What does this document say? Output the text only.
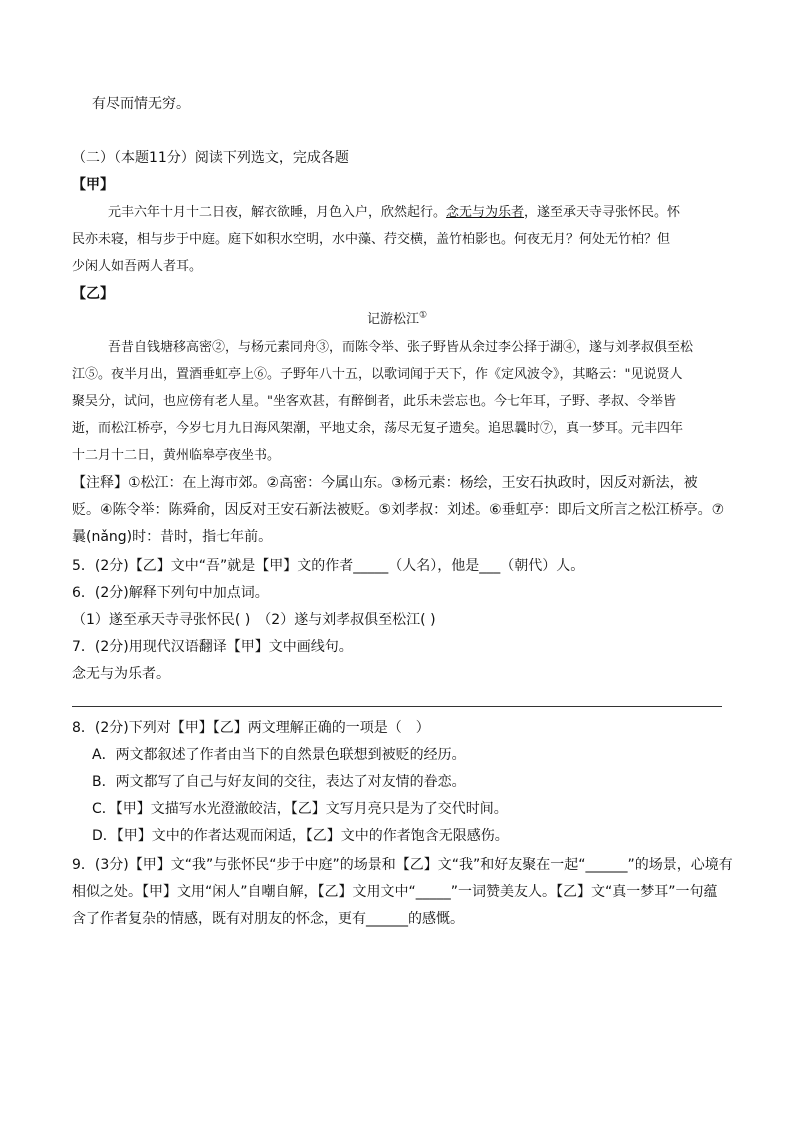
有尽而情无穷。
（二）（本题11分）阅读下列选文，完成各题
【甲】
元丰六年十月十二日夜，解衣欲睡，月色入户，欣然起行。念无与为乐者，遂至承天寺寻张怀民。怀
民亦未寝，相与步于中庭。庭下如积水空明，水中藻、荇交横，盖竹柏影也。何夜无月？何处无竹柏？但
少闲人如吾两人者耳。
【乙】
记游松江①
吾昔自钱塘移高密②，与杨元素同舟③，而陈令举、张子野皆从余过李公择于湖④，遂与刘孝叔俱至松
江⑤。夜半月出，置酒垂虹亭上⑥。子野年八十五，以歌词闻于天下，作《定风波令》，其略云："见说贤人
聚吴分，试问，也应傍有老人星。"坐客欢甚，有醉倒者，此乐未尝忘也。今七年耳，子野、孝叔、令举皆
逝，而松江桥亭，今岁七月九日海风架潮，平地丈余，荡尽无复孑遗矣。追思曩时⑦，真一梦耳。元丰四年
十二月十二日，黄州临皋亭夜坐书。
【注释】①松江：在上海市郊。②高密：今属山东。③杨元素：杨绘，王安石执政时，因反对新法，被
贬。④陈令举：陈舜俞，因反对王安石新法被贬。⑤刘孝叔：刘述。⑥垂虹亭：即后文所言之松江桥亭。⑦
曩(nǎng)时：昔时，指七年前。
5．(2分)【乙】文中“吾”就是【甲】文的作者_____（人名），他是___（朝代）人。
6．(2分)解释下列句中加点词。
（1）遂至承天寺寻张怀民( )　（2）遂与刘孝叔俱至松江( )
7．(2分)用现代汉语翻译【甲】文中画线句。
念无与为乐者。
8．(2分)下列对【甲】【乙】两文理解正确的一项是（　）
A．两文都叙述了作者由当下的自然景色联想到被贬的经历。
B．两文都写了自己与好友间的交往，表达了对友情的眷恋。
C．【甲】文描写水光澄澈皎洁，【乙】文写月亮只是为了交代时间。
D．【甲】文中的作者达观而闲适，【乙】文中的作者饱含无限感伤。
9．(3分)【甲】文“我”与张怀民“步于中庭”的场景和【乙】文“我”和好友聚在一起“______”的场景，心境有
相似之处。【甲】文用“闲人”自嘲自解，【乙】文用文中“_____”一词赞美友人。【乙】文“真一梦耳”一句蕴
含了作者复杂的情感，既有对朋友的怀念，更有______的感慨。
